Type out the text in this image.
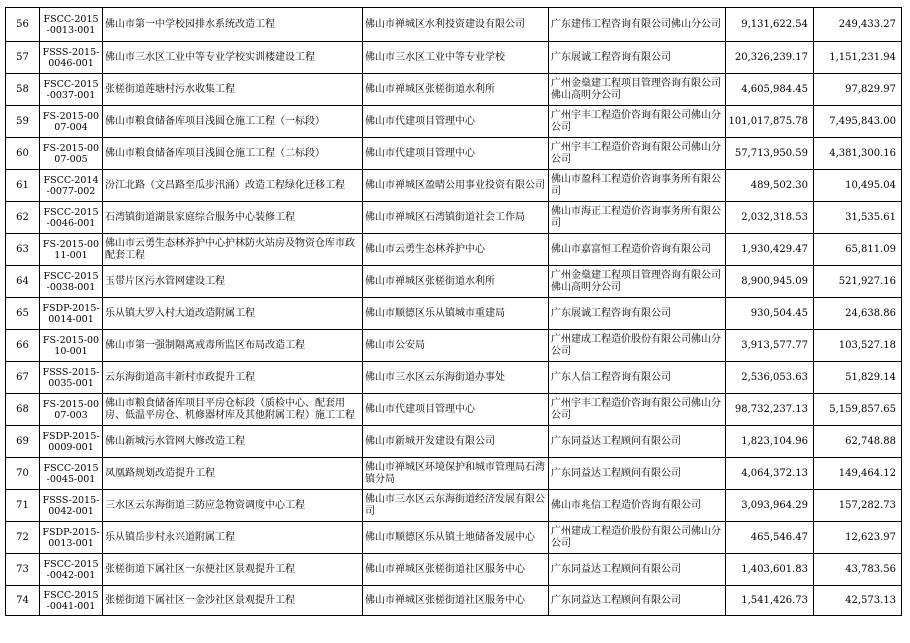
56	FSCC-2015-0013-001	佛山市第一中学校园排水系统改造工程	佛山市禅城区水利投资建设有限公司	广东建伟工程咨询有限公司佛山分公司	9,131,622.54	249,433.27
57	FSSS-2015-0046-001	佛山市三水区工业中等专业学校实训楼建设工程	佛山市三水区工业中等专业学校	广东展诚工程咨询有限公司	20,326,239.17	1,151,231.94
58	FSCC-2015-0037-001	张槎街道莲塘村污水收集工程	佛山市禅城区张槎街道水利所	广州金燊建工程项目管理咨询有限公司佛山高明分公司	4,605,984.45	97,829.97
59	FS-2015-0007-004	佛山市粮食储备库项目浅圆仓施工工程（一标段）	佛山市代建项目管理中心	广州宇丰工程造价咨询有限公司佛山分公司	101,017,875.78	7,495,843.00
60	FS-2015-0007-005	佛山市粮食储备库项目浅圆仓施工工程（二标段）	佛山市代建项目管理中心	广州宇丰工程造价咨询有限公司佛山分公司	57,713,950.59	4,381,300.16
61	FSCC-2014-0077-002	汾江北路（文昌路至瓜步汛涌）改造工程绿化迁移工程	佛山市禅城区盈晴公用事业投资有限公司	佛山市盈科工程造价咨询事务所有限公司	489,502.30	10,495.04
62	FSCC-2015-0046-001	石湾镇街道湖景家庭综合服务中心装修工程	佛山市禅城区石湾镇街道社会工作局	佛山市海正工程造价咨询事务所有限公司	2,032,318.53	31,535.61
63	FS-2015-0011-001	佛山市云勇生态林养护中心护林防火站房及物资仓库市政配套工程	佛山市云勇生态林养护中心	佛山市嘉富恒工程造价咨询有限公司	1,930,429.47	65,811.09
64	FSCC-2015-0038-001	玉带片区污水管网建设工程	佛山市禅城区张槎街道水利所	广州金燊建工程项目管理咨询有限公司佛山高明分公司	8,900,945.09	521,927.16
65	FSDP-2015-0014-001	乐从镇大罗入村大道改造附属工程	佛山市顺德区乐从镇城市重建局	广东展诚工程咨询有限公司	930,504.45	24,638.86
66	FS-2015-0010-001	佛山市第一强制隔离戒毒所监区布局改造工程	佛山市公安局	广州建成工程造价股份有限公司佛山分公司	3,913,577.77	103,527.18
67	FSSS-2015-0035-001	云东海街道高丰新村市政提升工程	佛山市三水区云东海街道办事处	广东人信工程咨询有限公司	2,536,053.63	51,829.14
68	FS-2015-0007-003	佛山市粮食储备库项目平房仓标段（质检中心、配套用房、低温平房仓、机修器材库及其他附属工程）施工工程	佛山市代建项目管理中心	广州宇丰工程造价咨询有限公司佛山分公司	98,732,237.13	5,159,857.65
69	FSDP-2015-0009-001	佛山新城污水管网大修改造工程	佛山市新城开发建设有限公司	广东同益达工程顾问有限公司	1,823,104.96	62,748.88
70	FSCC-2015-0045-001	凤凰路规划改造提升工程	佛山市禅城区环境保护和城市管理局石湾镇分局	广东同益达工程顾问有限公司	4,064,372.13	149,464.12
71	FSSS-2015-0042-001	三水区云东海街道三防应急物资调度中心工程	佛山市三水区云东海街道经济发展有限公司	佛山市兆信工程造价咨询有限公司	3,093,964.29	157,282.73
72	FSDP-2015-0013-001	乐从镇岳步村永兴道附属工程	佛山市顺德区乐从镇土地储备发展中心	广州建成工程造价股份有限公司佛山分公司	465,546.47	12,623.97
73	FSCC-2015-0042-001	张槎街道下属社区一东便社区景观提升工程	佛山市禅城区张槎街道社区服务中心	广东同益达工程顾问有限公司	1,403,601.83	43,783.56
74	FSCC-2015-0041-001	张槎街道下属社区一金沙社区景观提升工程	佛山市禅城区张槎街道社区服务中心	广东同益达工程顾问有限公司	1,541,426.73	42,573.13
